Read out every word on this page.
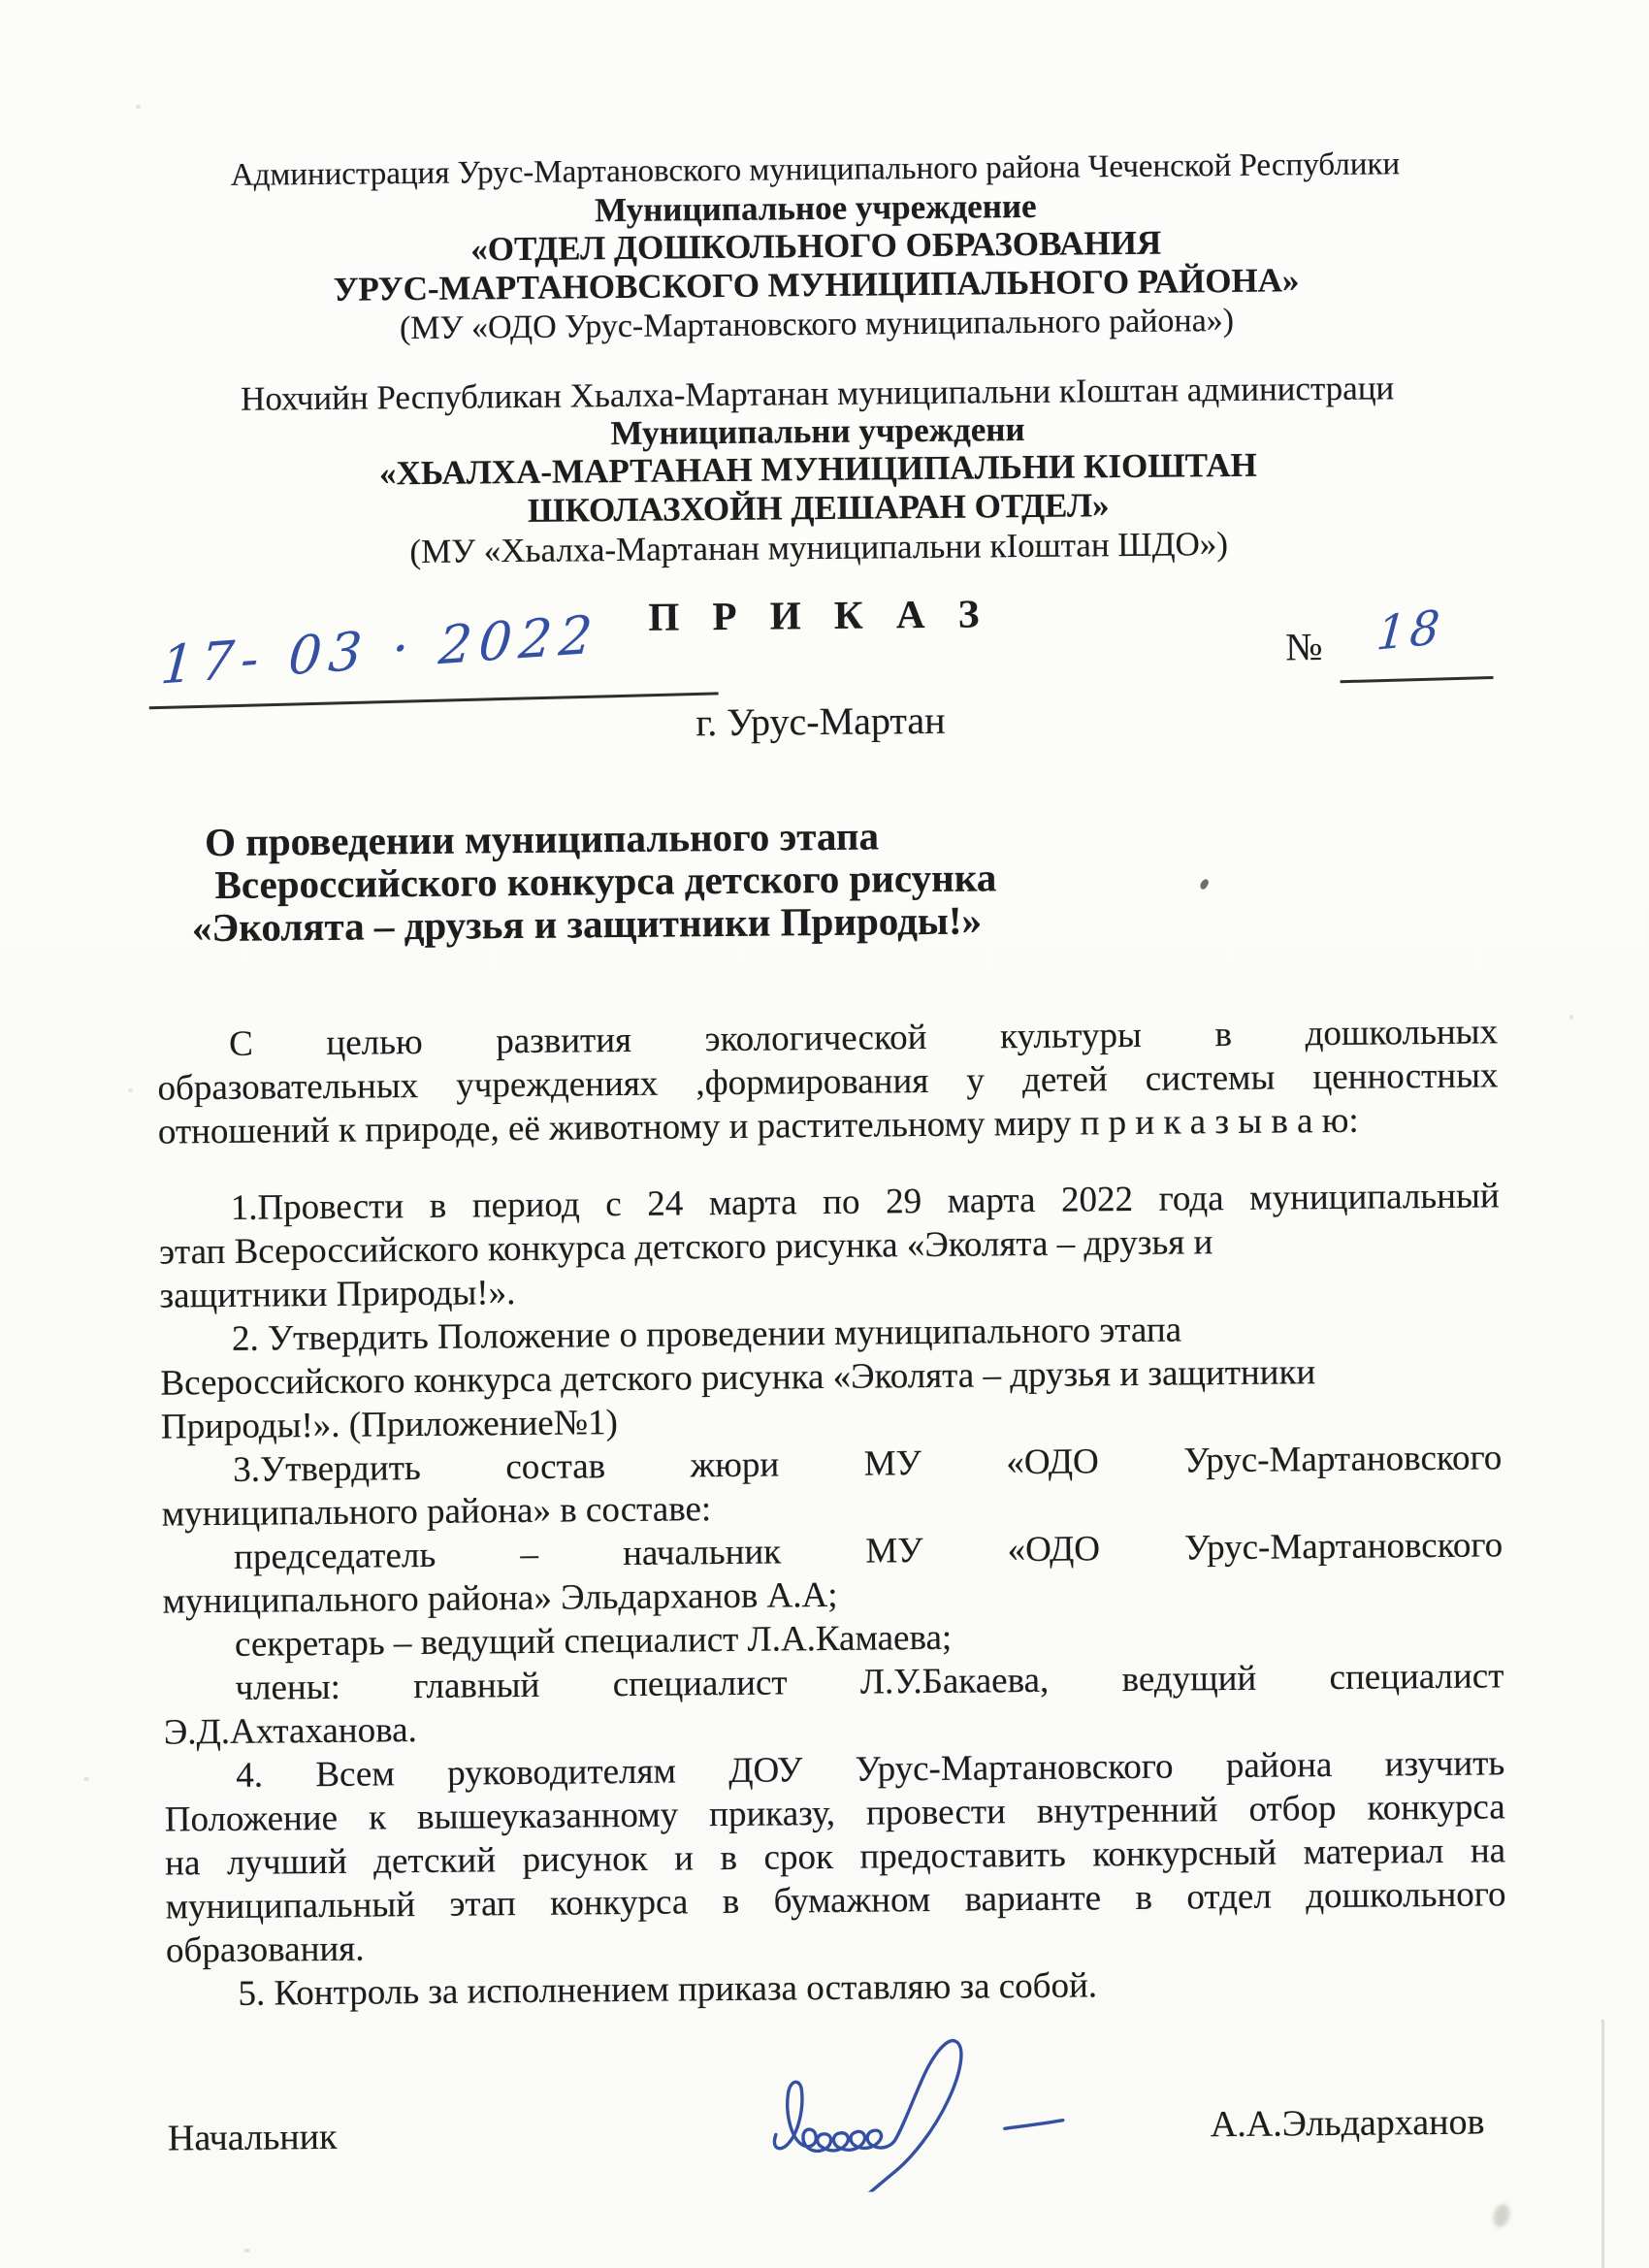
Администрация Урус-Мартановского муниципального района Чеченской Республики
Муниципальное учреждение
«ОТДЕЛ ДОШКОЛЬНОГО ОБРАЗОВАНИЯ
УРУС-МАРТАНОВСКОГО МУНИЦИПАЛЬНОГО РАЙОНА»
(МУ «ОДО Урус-Мартановского муниципального района»)
Нохчийн Республикан Хьалха-Мартанан муниципальни кIоштан администраци
Муниципальни учреждени
«ХЬАЛХА-МАРТАНАН МУНИЦИПАЛЬНИ КIОШТАН
ШКОЛАЗХОЙН ДЕШАРАН ОТДЕЛ»
(МУ «Хьалха-Мартанан муниципальни кIоштан ШДО»)
П Р И К А З
17- 03 · 2022	№ 18
г. Урус-Мартан
О проведении муниципального этапа
Всероссийского конкурса детского рисунка
«Эколята – друзья и защитники Природы!»
С целью развития экологической культуры в дошкольных
образовательных учреждениях ,формирования у детей системы ценностных
отношений к природе, её животному и растительному миру п р и к а з ы в а ю:
1.Провести в период с 24 марта по 29 марта 2022 года муниципальный
этап Всероссийского конкурса детского рисунка «Эколята – друзья и
защитники Природы!».
2. Утвердить Положение о проведении муниципального этапа
Всероссийского конкурса детского рисунка «Эколята – друзья и защитники
Природы!». (Приложение№1)
3.Утвердить состав жюри МУ «ОДО Урус-Мартановского
муниципального района» в составе:
председатель – начальник МУ «ОДО Урус-Мартановского
муниципального района» Эльдарханов А.А;
секретарь – ведущий специалист Л.А.Камаева;
члены: главный специалист Л.У.Бакаева, ведущий специалист
Э.Д.Ахтаханова.
4. Всем руководителям ДОУ Урус-Мартановского района изучить
Положение к вышеуказанному приказу, провести внутренний отбор конкурса
на лучший детский рисунок и в срок предоставить конкурсный материал на
муниципальный этап конкурса в бумажном варианте в отдел дошкольного
образования.
5. Контроль за исполнением приказа оставляю за собой.
Начальник	А.А.Эльдарханов
